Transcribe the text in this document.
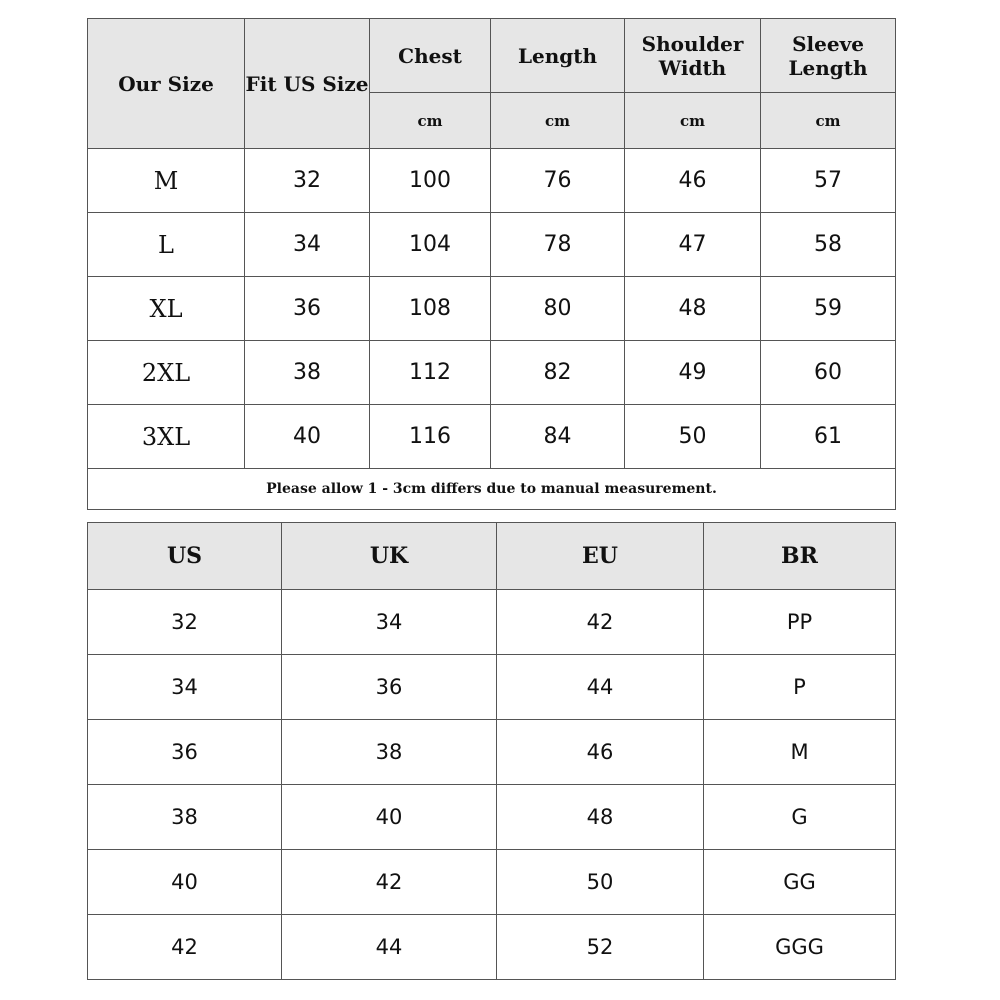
Our Size	Fit US Size	Chest	Length	Shoulder Width	Sleeve Length
		cm	cm	cm	cm
M	32	100	76	46	57
L	34	104	78	47	58
XL	36	108	80	48	59
2XL	38	112	82	49	60
3XL	40	116	84	50	61
Please allow 1 - 3cm differs due to manual measurement.					
US	UK	EU	BR
32	34	42	PP
34	36	44	P
36	38	46	M
38	40	48	G
40	42	50	GG
42	44	52	GGG
